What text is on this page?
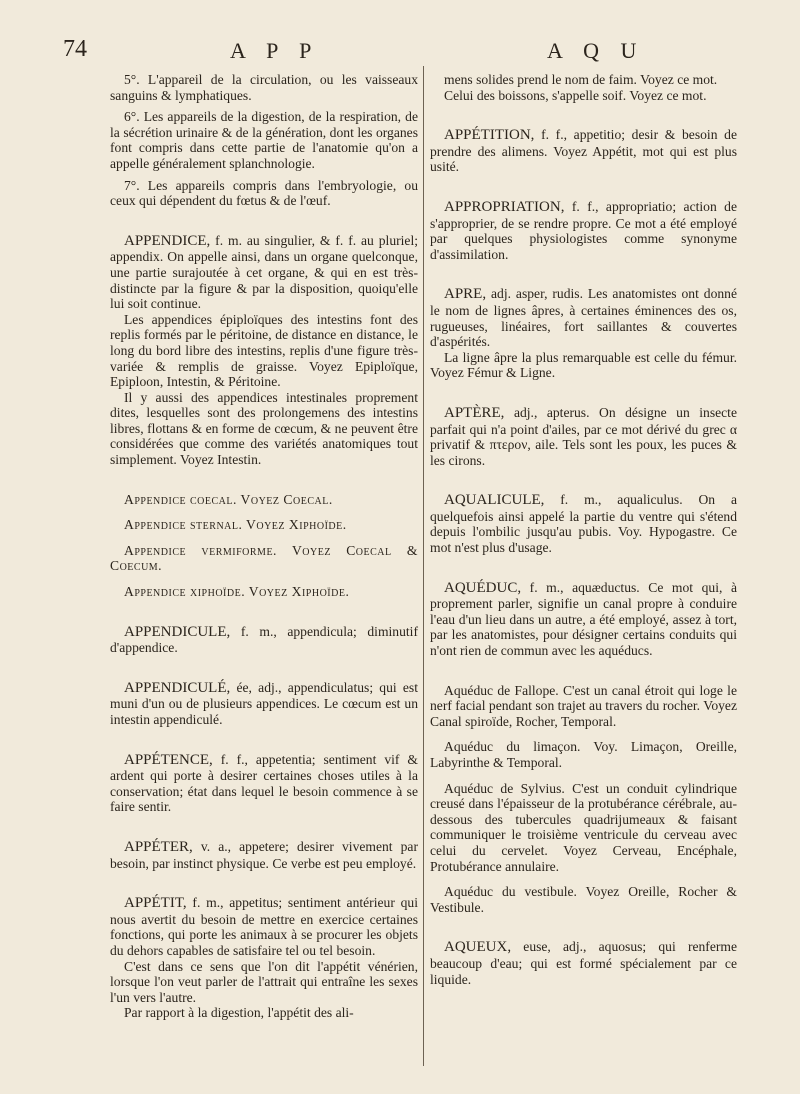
74	A P P	A Q U

5°. L'appareil de la circulation, ou les vaisseaux sanguins & lymphatiques.

6°. Les appareils de la digestion, de la respiration, de la sécrétion urinaire & de la génération, dont les organes font compris dans cette partie de l'anatomie qu'on a appelle généralement splanchnologie.

7°. Les appareils compris dans l'embryologie, ou ceux qui dépendent du fœtus & de l'œuf.

APPENDICE, f. m. au singulier, & f. f. au pluriel; appendix. On appelle ainsi, dans un organe quelconque, une partie surajoutée à cet organe, & qui en est très-distincte par la figure & par la disposition, quoiqu'elle lui soit continue.

Les appendices épiploïques des intestins font des replis formés par le péritoine, de distance en distance, le long du bord libre des intestins, replis d'une figure très-variée & remplis de graisse. Voyez Epiploïque, Epiploon, Intestin, & Péritoine.

Il y aussi des appendices intestinales proprement dites, lesquelles sont des prolongemens des intestins libres, flottans & en forme de cœcum, & ne peuvent être considérées que comme des variétés anatomiques tout simplement. Voyez Intestin.

Appendice coecal. Voyez Coecal.

Appendice sternal. Voyez Xiphoïde.

Appendice vermiforme. Voyez Coecal & Coecum.

Appendice xiphoïde. Voyez Xiphoïde.

APPENDICULE, f. m., appendicula; diminutif d'appendice.

APPENDICULÉ, ée, adj., appendiculatus; qui est muni d'un ou de plusieurs appendices. Le cœcum est un intestin appendiculé.

APPÉTENCE, f. f., appetentia; sentiment vif & ardent qui porte à desirer certaines choses utiles à la conservation; état dans lequel le besoin commence à se faire sentir.

APPÉTER, v. a., appetere; desirer vivement par besoin, par instinct physique. Ce verbe est peu employé.

APPÉTIT, f. m., appetitus; sentiment antérieur qui nous avertit du besoin de mettre en exercice certaines fonctions, qui porte les animaux à se procurer les objets du dehors capables de satisfaire tel ou tel besoin.

C'est dans ce sens que l'on dit l'appétit vénérien, lorsque l'on veut parler de l'attrait qui entraîne les sexes l'un vers l'autre.

Par rapport à la digestion, l'appétit des ali-

mens solides prend le nom de faim. Voyez ce mot.

Celui des boissons, s'appelle soif. Voyez ce mot.

APPÉTITION, f. f., appetitio; desir & besoin de prendre des alimens. Voyez Appétit, mot qui est plus usité.

APPROPRIATION, f. f., appropriatio; action de s'approprier, de se rendre propre. Ce mot a été employé par quelques physiologistes comme synonyme d'assimilation.

APRE, adj. asper, rudis. Les anatomistes ont donné le nom de lignes âpres, à certaines éminences des os, rugueuses, linéaires, fort saillantes & couvertes d'aspérités.

La ligne âpre la plus remarquable est celle du fémur. Voyez Fémur & Ligne.

APTÈRE, adj., apterus. On désigne un insecte parfait qui n'a point d'ailes, par ce mot dérivé du grec α privatif & πτερον, aile. Tels sont les poux, les puces & les cirons.

AQUALICULE, f. m., aqualiculus. On a quelquefois ainsi appelé la partie du ventre qui s'étend depuis l'ombilic jusqu'au pubis. Voy. Hypogastre. Ce mot n'est plus d'usage.

AQUÉDUC, f. m., aquæductus. Ce mot qui, à proprement parler, signifie un canal propre à conduire l'eau d'un lieu dans un autre, a été employé, assez à tort, par les anatomistes, pour désigner certains conduits qui n'ont rien de commun avec les aquéducs.

Aquéduc de Fallope. C'est un canal étroit qui loge le nerf facial pendant son trajet au travers du rocher. Voyez Canal spiroïde, Rocher, Temporal.

Aquéduc du limaçon. Voy. Limaçon, Oreille, Labyrinthe & Temporal.

Aquéduc de Sylvius. C'est un conduit cylindrique creusé dans l'épaisseur de la protubérance cérébrale, au-dessous des tubercules quadrijumeaux & faisant communiquer le troisième ventricule du cerveau avec celui du cervelet. Voyez Cerveau, Encéphale, Protubérance annulaire.

Aquéduc du vestibule. Voyez Oreille, Rocher & Vestibule.

AQUEUX, euse, adj., aquosus; qui renferme beaucoup d'eau; qui est formé spécialement par ce liquide.
